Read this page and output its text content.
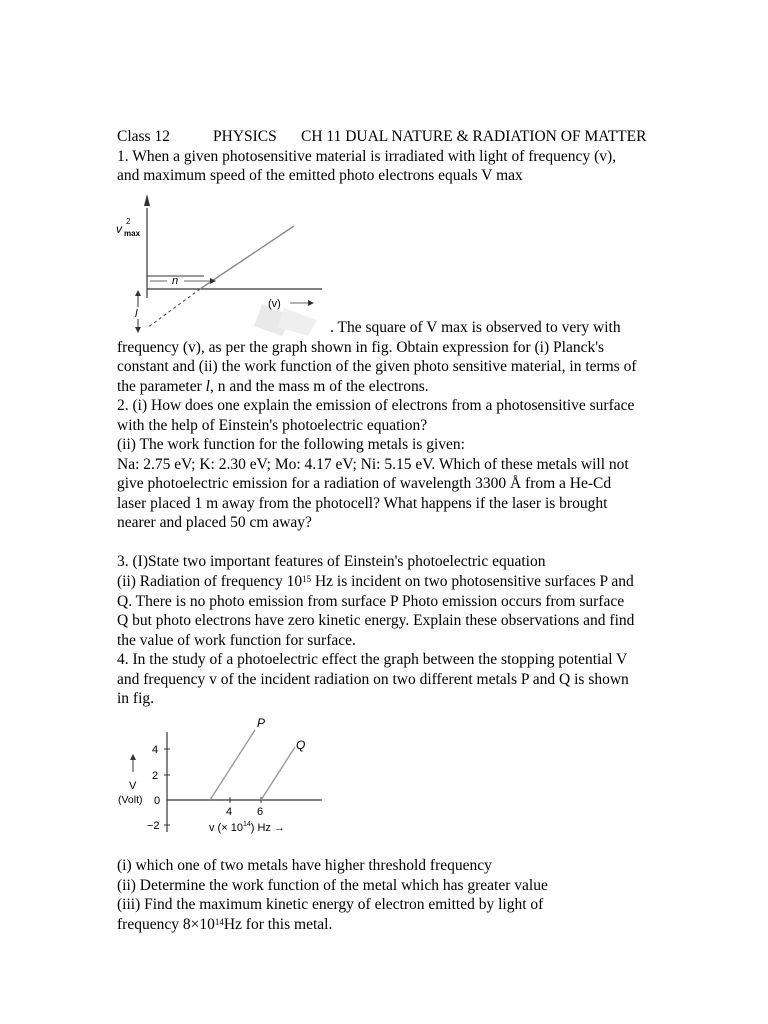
Class 12	PHYSICS CH 11 DUAL NATURE & RADIATION OF MATTER
1. When a given photosensitive material is irradiated with light of frequency (v),
and maximum speed of the emitted photo electrons equals V max
v
2
max
n
l
(v)
. The square of V max is observed to very with
frequency (v), as per the graph shown in fig. Obtain expression for (i) Planck's
constant and (ii) the work function of the given photo sensitive material, in terms of
the parameter l, n and the mass m of the electrons.
2. (i) How does one explain the emission of electrons from a photosensitive surface
with the help of Einstein's photoelectric equation?
(ii) The work function for the following metals is given:
Na: 2.75 eV; K: 2.30 eV; Mo: 4.17 eV; Ni: 5.15 eV. Which of these metals will not
give photoelectric emission for a radiation of wavelength 3300 Å from a He-Cd
laser placed 1 m away from the photocell? What happens if the laser is brought
nearer and placed 50 cm away?
3. (I)State two important features of Einstein's photoelectric equation
(ii) Radiation of frequency $10^{15}$ Hz is incident on two photosensitive surfaces P and
Q. There is no photo emission from surface P Photo emission occurs from surface
Q but photo electrons have zero kinetic energy. Explain these observations and find
the value of work function for surface.
4. In the study of a photoelectric effect the graph between the stopping potential V
and frequency v of the incident radiation on two different metals P and Q is shown
in fig.
4
2
0
−2
4 6
v (× $10^{14}$) Hz →
V
(Volt)
P
Q
(i) which one of two metals have higher threshold frequency
(ii) Determine the work function of the metal which has greater value
(iii) Find the maximum kinetic energy of electron emitted by light of
frequency $8\times 10^{14}Hz$ for this metal.
